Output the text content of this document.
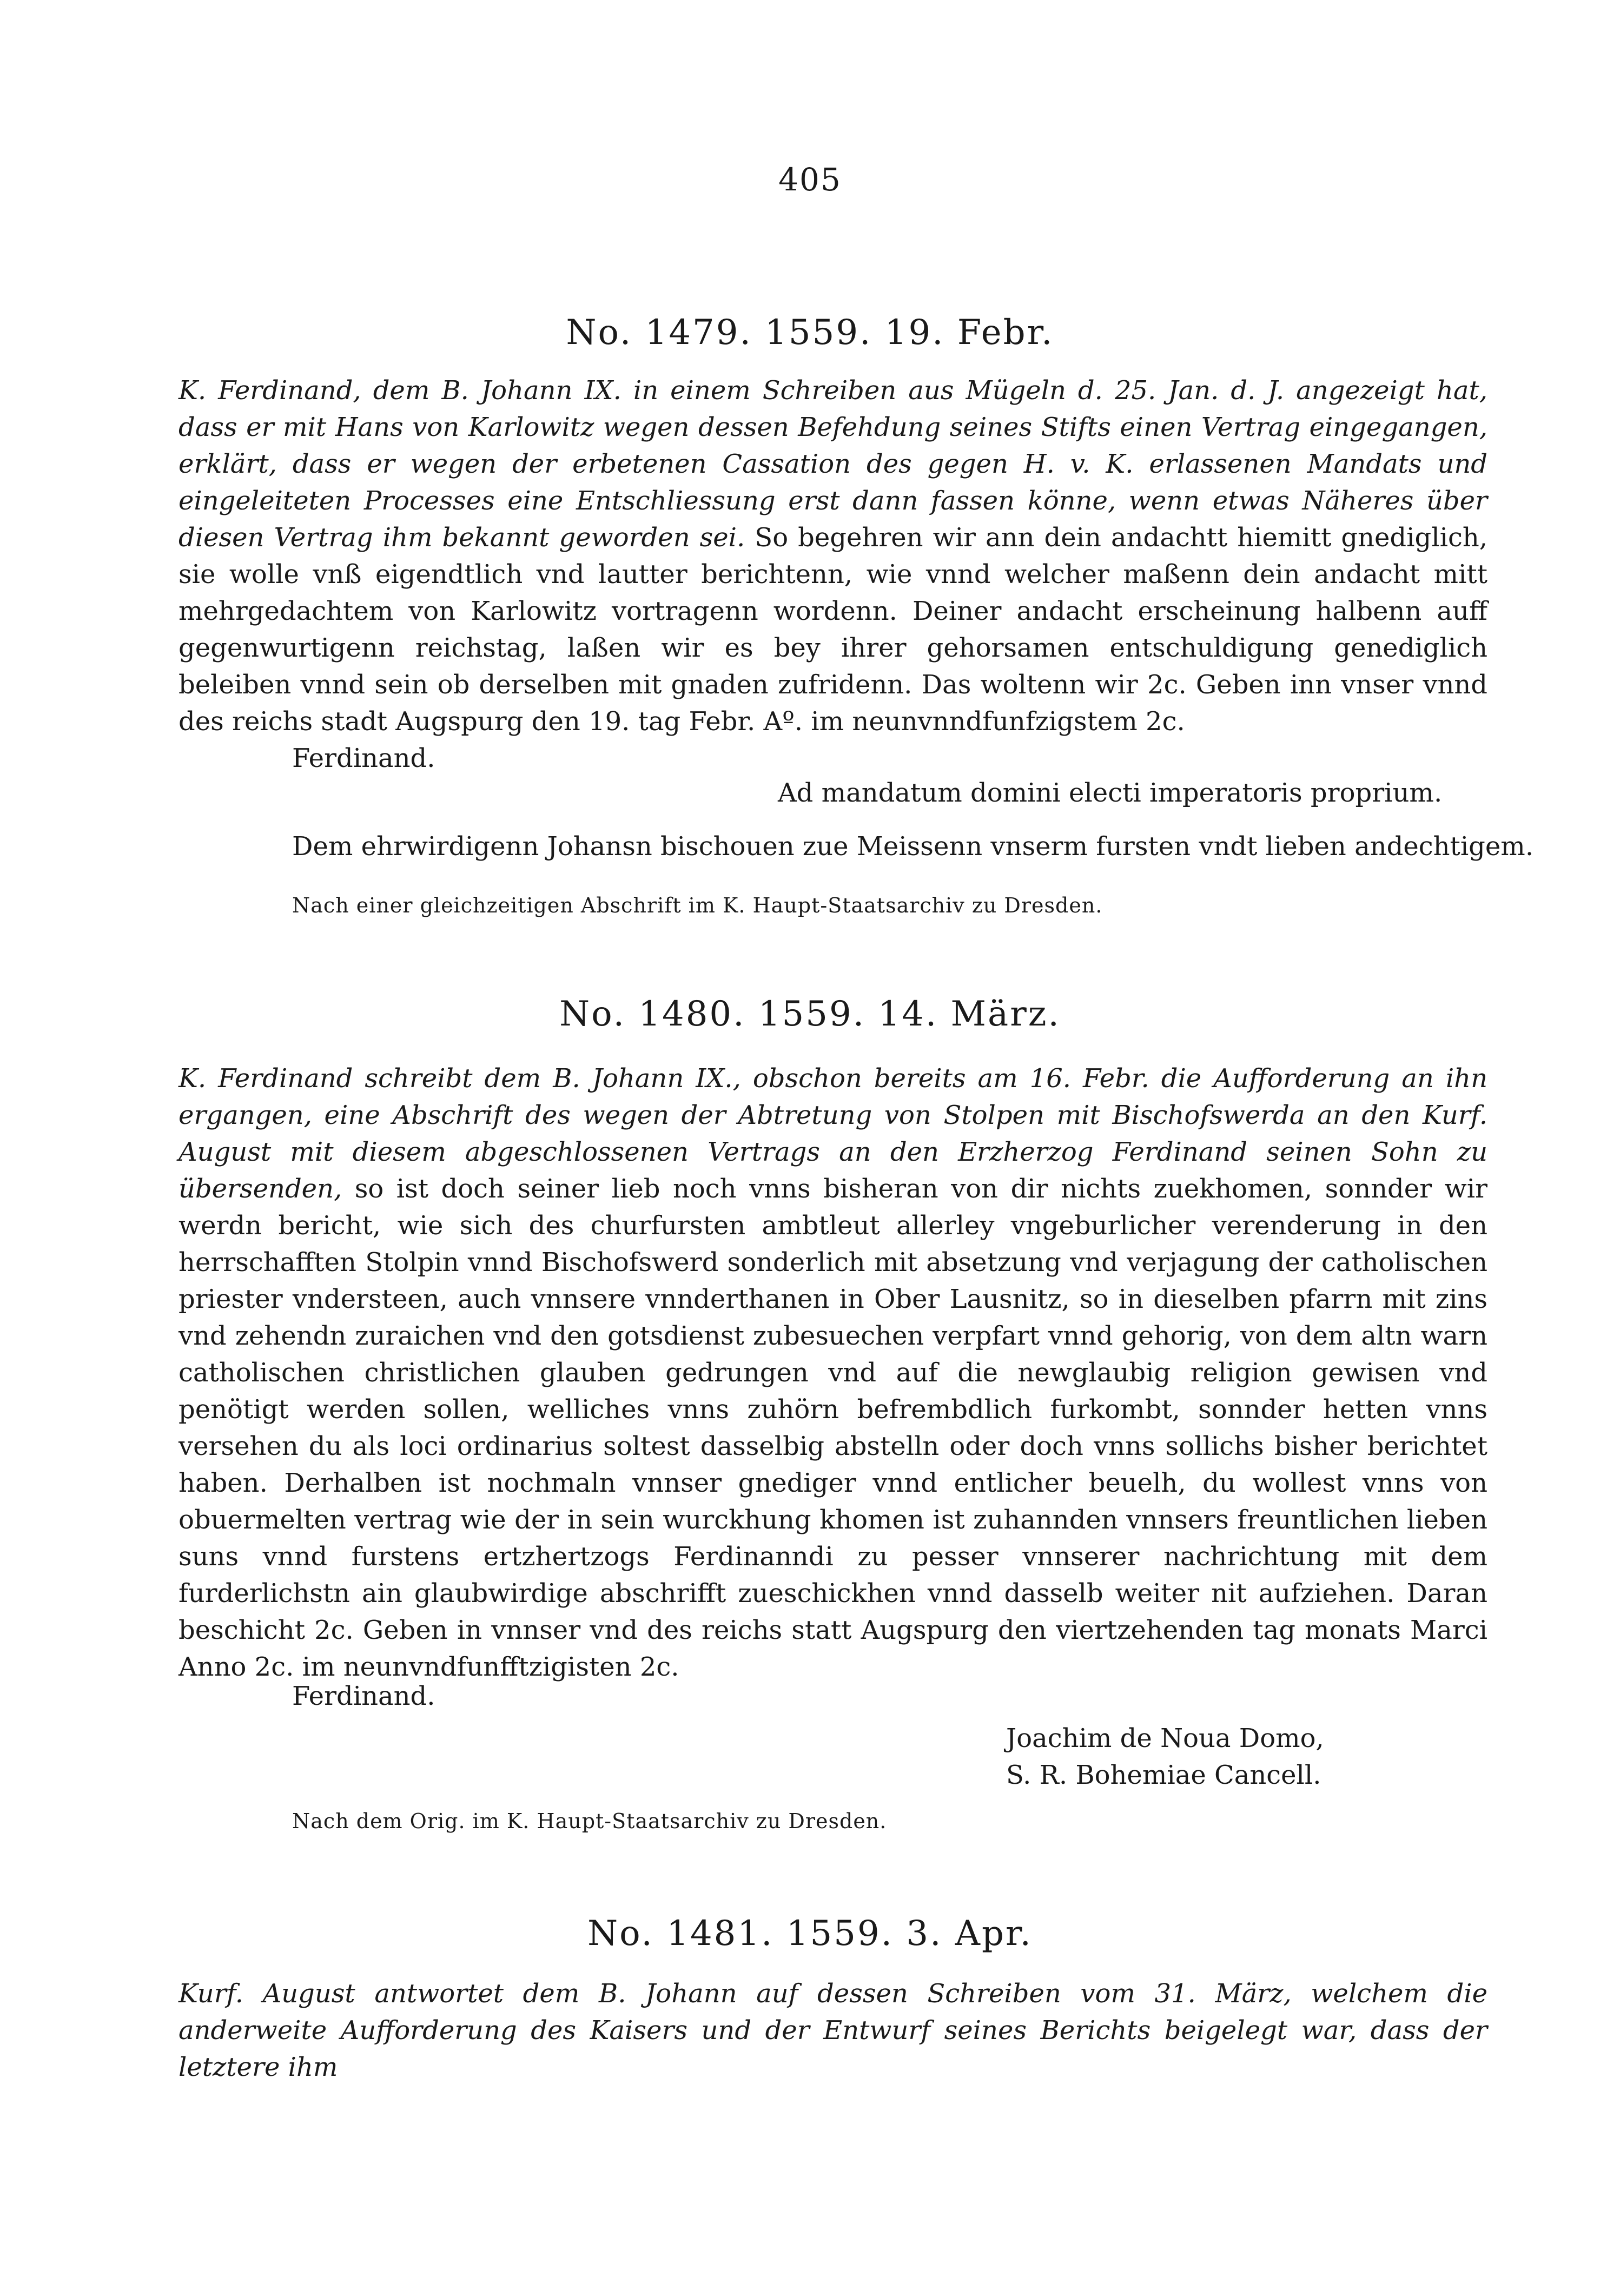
405
No. 1479. 1559. 19. Febr.
K. Ferdinand, dem B. Johann IX. in einem Schreiben aus Mügeln d. 25. Jan. d. J. angezeigt hat, dass er mit Hans von Karlowitz wegen dessen Befehdung seines Stifts einen Vertrag eingegangen, erklärt, dass er wegen der erbetenen Cassation des gegen H. v. K. erlassenen Mandats und eingeleiteten Processes eine Entschliessung erst dann fassen könne, wenn etwas Näheres über diesen Vertrag ihm bekannt geworden sei. So begehren wir ann dein andachtt hiemitt gnediglich, sie wolle vnß eigendtlich vnd lautter berichtenn, wie vnnd welcher maßenn dein andacht mitt mehrgedachtem von Karlowitz vortragenn wordenn. Deiner andacht erscheinung halbenn auff gegenwurtigenn reichstag, laßen wir es bey ihrer gehorsamen entschuldigung genediglich beleiben vnnd sein ob derselben mit gnaden zufridenn. Das woltenn wir 2c. Geben inn vnser vnnd des reichs stadt Augspurg den 19. tag Febr. Aº. im neunvnndfunfzigstem 2c.
Ferdinand.
Ad mandatum domini electi imperatoris proprium.
Dem ehrwirdigenn Johansn bischouen zue Meissenn vnserm fursten vndt lieben andechtigem.
Nach einer gleichzeitigen Abschrift im K. Haupt-Staatsarchiv zu Dresden.
No. 1480. 1559. 14. März.
K. Ferdinand schreibt dem B. Johann IX., obschon bereits am 16. Febr. die Aufforderung an ihn ergangen, eine Abschrift des wegen der Abtretung von Stolpen mit Bischofswerda an den Kurf. August mit diesem abgeschlossenen Vertrags an den Erzherzog Ferdinand seinen Sohn zu übersenden, so ist doch seiner lieb noch vnns bisheran von dir nichts zuekhomen, sonnder wir werdn bericht, wie sich des churfursten ambtleut allerley vngeburlicher verenderung in den herrschafften Stolpin vnnd Bischofswerd sonderlich mit absetzung vnd verjagung der catholischen priester vndersteen, auch vnnsere vnnderthanen in Ober Lausnitz, so in dieselben pfarrn mit zins vnd zehendn zuraichen vnd den gotsdienst zubesuechen verpfart vnnd gehorig, von dem altn warn catholischen christlichen glauben gedrungen vnd auf die newglaubig religion gewisen vnd penötigt werden sollen, welliches vnns zuhörn befrembdlich furkombt, sonnder hetten vnns versehen du als loci ordinarius soltest dasselbig abstelln oder doch vnns sollichs bisher berichtet haben. Derhalben ist nochmaln vnnser gnediger vnnd entlicher beuelh, du wollest vnns von obuermelten vertrag wie der in sein wurckhung khomen ist zuhannden vnnsers freuntlichen lieben suns vnnd furstens ertzhertzogs Ferdinanndi zu pesser vnnserer nachrichtung mit dem furderlichstn ain glaubwirdige abschrifft zueschickhen vnnd dasselb weiter nit aufziehen. Daran beschicht 2c. Geben in vnnser vnd des reichs statt Augspurg den viertzehenden tag monats Marci Anno 2c. im neunvndfunfftzigisten 2c.
Ferdinand.
Joachim de Noua Domo,
S. R. Bohemiae Cancell.
Nach dem Orig. im K. Haupt-Staatsarchiv zu Dresden.
No. 1481. 1559. 3. Apr.
Kurf. August antwortet dem B. Johann auf dessen Schreiben vom 31. März, welchem die anderweite Aufforderung des Kaisers und der Entwurf seines Berichts beigelegt war, dass der letztere ihm
